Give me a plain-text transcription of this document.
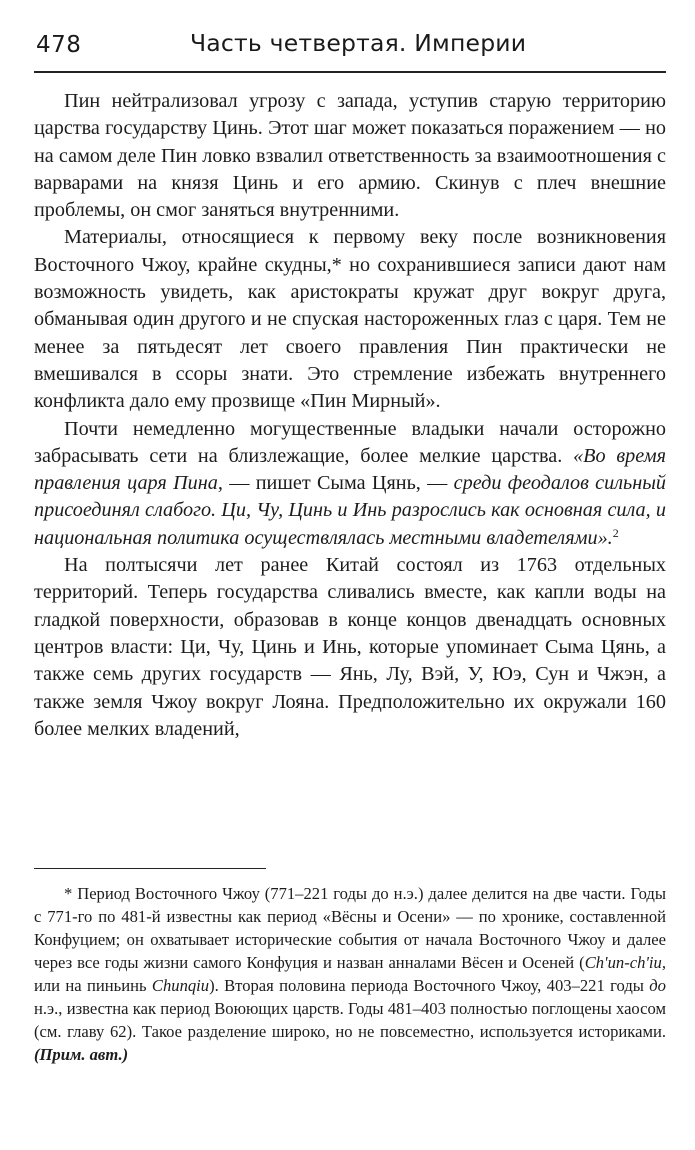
478	Часть четвертая. Империи

Пин нейтрализовал угрозу с запада, уступив старую территорию царства государству Цинь. Этот шаг может показаться поражением — но на самом деле Пин ловко взвалил ответственность за взаимоотношения с варварами на князя Цинь и его армию. Скинув с плеч внешние проблемы, он смог заняться внутренними.

Материалы, относящиеся к первому веку после возникновения Восточного Чжоу, крайне скудны,* но сохранившиеся записи дают нам возможность увидеть, как аристократы кружат друг вокруг друга, обманывая один другого и не спуская настороженных глаз с царя. Тем не менее за пятьдесят лет своего правления Пин практически не вмешивался в ссоры знати. Это стремление избежать внутреннего конфликта дало ему прозвище «Пин Мирный».

Почти немедленно могущественные владыки начали осторожно забрасывать сети на близлежащие, более мелкие царства. «Во время правления царя Пина, — пишет Сыма Цянь, — среди феодалов сильный присоединял слабого. Ци, Чу, Цинь и Инь разрослись как основная сила, и национальная политика осуществлялась местными владетелями».$^2$

На полтысячи лет ранее Китай состоял из 1763 отдельных территорий. Теперь государства сливались вместе, как капли воды на гладкой поверхности, образовав в конце концов двенадцать основных центров власти: Ци, Чу, Цинь и Инь, которые упоминает Сыма Цянь, а также семь других государств — Янь, Лу, Вэй, У, Юэ, Сун и Чжэн, а также земля Чжоу вокруг Лояна. Предположительно их окружали 160 более мелких владений,

* Период Восточного Чжоу (771–221 годы до н.э.) далее делится на две части. Годы с 771-го по 481-й известны как период «Вёсны и Осени» — по хронике, составленной Конфуцием; он охватывает исторические события от начала Восточного Чжоу и далее через все годы жизни самого Конфуция и назван анналами Вёсен и Осеней (Ch'un-ch'iu, или на пиньинь Chunqiu). Вторая половина периода Восточного Чжоу, 403–221 годы до н.э., известна как период Воюющих царств. Годы 481–403 полностью поглощены хаосом (см. главу 62). Такое разделение широко, но не повсеместно, используется историками. (Прим. авт.)
